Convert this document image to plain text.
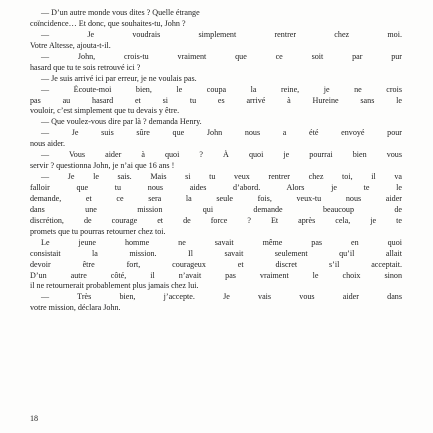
— D’un autre monde vous dites ? Quelle étrange
coïncidence… Et donc, que souhaites-tu, John ?
— Je voudrais simplement rentrer chez moi.
Votre Altesse, ajouta-t-il.
— John, crois-tu vraiment que ce soit par pur
hasard que tu te sois retrouvé ici ?
— Je suis arrivé ici par erreur, je ne voulais pas.
— Écoute-moi bien, le coupa la reine, je ne crois
pas au hasard et si tu es arrivé à Hureine sans le
vouloir, c’est simplement que tu devais y être.
— Que voulez-vous dire par là ? demanda Henry.
— Je suis sûre que John nous a été envoyé pour
nous aider.
— Vous aider à quoi ? À quoi je pourrai bien vous
servir ? questionna John, je n’ai que 16 ans !
— Je le sais. Mais si tu veux rentrer chez toi, il va
falloir que tu nous aides d’abord. Alors je te le
demande, et ce sera la seule fois, veux-tu nous aider
dans une mission qui demande beaucoup de
discrétion, de courage et de force ? Et après cela, je te
promets que tu pourras retourner chez toi.
Le jeune homme ne savait même pas en quoi
consistait la mission. Il savait seulement qu’il allait
devoir être fort, courageux et discret s’il acceptait.
D’un autre côté, il n’avait pas vraiment le choix sinon
il ne retournerait probablement plus jamais chez lui.
— Très bien, j’accepte. Je vais vous aider dans
votre mission, déclara John.
18
